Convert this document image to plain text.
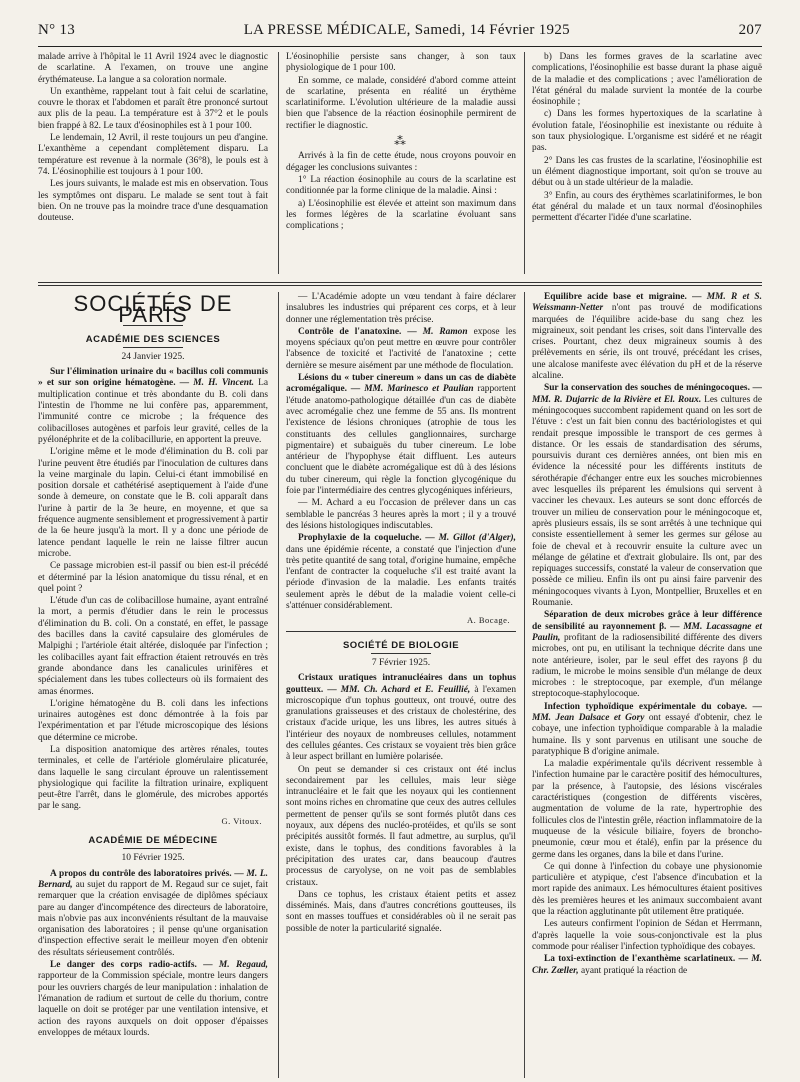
N° 13	LA PRESSE MÉDICALE, Samedi, 14 Février 1925	207

malade arrive à l'hôpital le 11 Avril 1924 avec le diagnostic de scarlatine. A l'examen, on trouve une angine érythémateuse. La langue a sa coloration normale.

Un exanthème, rappelant tout à fait celui de scarlatine, couvre le thorax et l'abdomen et paraît être prononcé surtout aux plis de la peau. La température est à 37°2 et le pouls bien frappé à 82. Le taux d'éosinophiles est à 1 pour 100.

Le lendemain, 12 Avril, il reste toujours un peu d'angine. L'exanthème a cependant complètement disparu. La température est revenue à la normale (36°8), le pouls est à 74. L'éosinophilie est toujours à 1 pour 100.

Les jours suivants, le malade est mis en observation. Tous les symptômes ont disparu. Le malade se sent tout à fait bien. On ne trouve pas la moindre trace d'une desquamation douteuse.

L'éosinophilie persiste sans changer, à son taux physiologique de 1 pour 100.

En somme, ce malade, considéré d'abord comme atteint de scarlatine, présenta en réalité un érythème scarlatiniforme. L'évolution ultérieure de la maladie aussi bien que l'absence de la réaction éosinophile permirent de rectifier le diagnostic.

⁂

Arrivés à la fin de cette étude, nous croyons pouvoir en dégager les conclusions suivantes :

1° La réaction éosinophile au cours de la scarlatine est conditionnée par la forme clinique de la maladie. Ainsi :

a) L'éosinophilie est élevée et atteint son maximum dans les formes légères de la scarlatine évoluant sans complications ;

b) Dans les formes graves de la scarlatine avec complications, l'éosinophilie est basse durant la phase aiguë de la maladie et des complications ; avec l'amélioration de l'état général du malade survient la montée de la courbe éosinophile ;

c) Dans les formes hypertoxiques de la scarlatine à évolution fatale, l'éosinophilie est inexistante ou réduite à son taux physiologique. L'organisme est sidéré et ne réagit pas.

2° Dans les cas frustes de la scarlatine, l'éosinophilie est un élément diagnostique important, soit qu'on se trouve au début ou à un stade ultérieur de la maladie.

3° Enfin, au cours des érythèmes scarlatiniformes, le bon état général du malade et un taux normal d'éosinophiles permettent d'écarter l'idée d'une scarlatine.

SOCIÉTÉS DE PARIS
ACADÉMIE DES SCIENCES
24 Janvier 1925.

Sur l'élimination urinaire du « bacillus coli communis » et sur son origine hématogène. — M. H. Vincent. La multiplication continue et très abondante du B. coli dans l'intestin de l'homme ne lui confère pas, apparemment, l'immunité contre ce microbe ; la fréquence des colibacilloses autogènes et parfois leur gravité, celles de la pyélonéphrite et de la colibacillurie, en apportent la preuve.

L'origine même et le mode d'élimination du B. coli par l'urine peuvent être étudiés par l'inoculation de cultures dans la veine marginale du lapin. Celui-ci étant immobilisé en position dorsale et cathétérisé aseptiquement à l'aide d'une sonde à demeure, on constate que le B. coli apparaît dans l'urine à partir de la 3e heure, en moyenne, et que sa fréquence augmente sensiblement et progressivement à partir de la 6e heure jusqu'à la mort. Il y a donc une période de latence pendant laquelle le rein ne laisse filtrer aucun microbe.

Ce passage microbien est-il passif ou bien est-il précédé et déterminé par la lésion anatomique du tissu rénal, et en quel point ?

L'étude d'un cas de colibacillose humaine, ayant entraîné la mort, a permis d'étudier dans le rein le processus d'élimination du B. coli. On a constaté, en effet, le passage des bacilles dans la cavité capsulaire des glomérules de Malpighi ; l'artériole était altérée, disloquée par l'infection ; les colibacilles ayant fait effraction étaient retrouvés en très grande abondance dans les canalicules urinifères et spécialement dans les tubes collecteurs où ils formaient des amas énormes.

L'origine hématogène du B. coli dans les infections urinaires autogènes est donc démontrée à la fois par l'expérimentation et par l'étude microscopique des lésions que détermine ce microbe.

La disposition anatomique des artères rénales, toutes terminales, et celle de l'artériole glomérulaire plicaturée, dans laquelle le sang circulant éprouve un ralentissement physiologique qui facilite la filtration urinaire, expliquent peut-être l'arrêt, dans le glomérule, des microbes apportés par le sang.

G. Vitoux.
ACADÉMIE DE MÉDECINE
10 Février 1925.

A propos du contrôle des laboratoires privés. — M. L. Bernard, au sujet du rapport de M. Regaud sur ce sujet, fait remarquer que la création envisagée de diplômes spéciaux pare au danger d'incompétence des directeurs de laboratoire, mais n'obvie pas aux inconvénients résultant de la mauvaise organisation des laboratoires ; il pense qu'une organisation d'inspection effective serait le meilleur moyen d'en obtenir des résultats sérieusement contrôlés.

Le danger des corps radio-actifs. — M. Regaud, rapporteur de la Commission spéciale, montre leurs dangers pour les ouvriers chargés de leur manipulation : inhalation de l'émanation de radium et surtout de celle du thorium, contre laquelle on doit se protéger par une ventilation intensive, et action des rayons auxquels on doit opposer d'épaisses enveloppes de métaux lourds.

— L'Académie adopte un vœu tendant à faire déclarer insalubres les industries qui préparent ces corps, et à leur donner une réglementation très précise.

Contrôle de l'anatoxine. — M. Ramon expose les moyens spéciaux qu'on peut mettre en œuvre pour contrôler l'absence de toxicité et l'activité de l'anatoxine ; cette dernière se mesure aisément par une méthode de floculation.

Lésions du « tuber cinereum » dans un cas de diabète acromégalique. — MM. Marinesco et Paulian rapportent l'étude anatomo-pathologique détaillée d'un cas de diabète avec acromégalie chez une femme de 55 ans. Ils montrent l'existence de lésions chroniques (atrophie de tous les constituants des cellules ganglionnaires, surcharge pigmentaire) et subaiguës du tuber cinereum. Le lobe antérieur de l'hypophyse était diffluent. Les auteurs concluent que le diabète acromégalique est dû à des lésions du tuber cinereum, qui règle la fonction glycogénique du foie par l'intermédiaire des centres glycogéniques inférieurs,

— M. Achard a eu l'occasion de prélever dans un cas semblable le pancréas 3 heures après la mort ; il y a trouvé des lésions histologiques indiscutables.

Prophylaxie de la coqueluche. — M. Gillot (d'Alger), dans une épidémie récente, a constaté que l'injection d'une très petite quantité de sang total, d'origine humaine, empêche l'enfant de contracter la coqueluche s'il est traité avant la période d'invasion de la maladie. Les enfants traités seulement après le début de la maladie voient celle-ci s'atténuer considérablement.

A. Bocage.
SOCIÉTÉ DE BIOLOGIE
7 Février 1925.

Cristaux uratiques intranucléaires dans un tophus goutteux. — MM. Ch. Achard et E. Feuillié, à l'examen microscopique d'un tophus goutteux, ont trouvé, outre des granulations graisseuses et des cristaux de cholestérine, des cristaux d'acide urique, les uns libres, les autres situés à l'intérieur des noyaux de nombreuses cellules, notamment des cellules géantes. Ces cristaux se voyaient très bien grâce à leur aspect brillant en lumière polarisée.

On peut se demander si ces cristaux ont été inclus secondairement par les cellules, mais leur siège intranucléaire et le fait que les noyaux qui les contiennent sont moins riches en chromatine que ceux des autres cellules permettent de penser qu'ils se sont formés plutôt dans ces noyaux, aux dépens des nucléo-protéides, et qu'ils se sont précipités aussitôt formés. Il faut admettre, au surplus, qu'il existe, dans le tophus, des conditions favorables à la précipitation des urates car, dans beaucoup d'autres processus de caryolyse, on ne voit pas de semblables cristaux.

Dans ce tophus, les cristaux étaient petits et assez disséminés. Mais, dans d'autres concrétions goutteuses, ils sont en masses touffues et considérables où il ne serait pas possible de noter la particularité signalée.

Équilibre acide base et migraine. — MM. R et S. Weissmann-Netter n'ont pas trouvé de modifications marquées de l'équilibre acide-base du sang chez les migraineux, soit pendant les crises, soit dans l'intervalle des crises. Pourtant, chez deux migraineux soumis à des prélèvements en série, ils ont trouvé, précédant les crises, une alcalose manifeste avec élévation du pH et de la réserve alcaline.

Sur la conservation des souches de méningocoques. — MM. R. Dujarric de la Rivière et El. Roux. Les cultures de méningocoques succombent rapidement quand on les sort de l'étuve : c'est un fait bien connu des bactériologistes et qui rendait presque impossible le transport de ces germes à distance. Or les essais de standardisation des sérums, poursuivis durant ces dernières années, ont bien mis en évidence la nécessité pour les différents instituts de sérothérapie d'échanger entre eux les souches microbiennes avec lesquelles ils préparent les émulsions qui servent à vacciner les chevaux. Les auteurs se sont donc efforcés de trouver un milieu de conservation pour le méningocoque et, après plusieurs essais, ils se sont arrêtés à une technique qui consiste essentiellement à semer les germes sur gélose au foie de cheval et à recouvrir ensuite la culture avec un mélange de gélatine et d'extrait globulaire. Ils ont, par des repiquages successifs, constaté la valeur de conservation que possède ce milieu. Enfin ils ont pu ainsi faire parvenir des méningocoques vivants à Lyon, Montpellier, Bruxelles et en Roumanie.

Séparation de deux microbes grâce à leur différence de sensibilité au rayonnement β. — MM. Lacassagne et Paulin, profitant de la radiosensibilité différente des divers microbes, ont pu, en utilisant la technique décrite dans une note antérieure, isoler, par le seul effet des rayons β du radium, le microbe le moins sensible d'un mélange de deux microbes : le streptocoque, par exemple, d'un mélange streptocoque-staphylocoque.

Infection typhoïdique expérimentale du cobaye. — MM. Jean Dalsace et Gory ont essayé d'obtenir, chez le cobaye, une infection typhoïdique comparable à la maladie humaine. Ils y sont parvenus en utilisant une souche de paratyphique B d'origine animale.

La maladie expérimentale qu'ils décrivent ressemble à l'infection humaine par le caractère positif des hémocultures, par la présence, à l'autopsie, des lésions viscérales caractéristiques (congestion de différents viscères, augmentation de volume de la rate, hypertrophie des follicules clos de l'intestin grêle, réaction inflammatoire de la muqueuse de la vésicule biliaire, foyers de broncho-pneumonie, cœur mou et étalé), enfin par la présence du germe dans les organes, dans la bile et dans l'urine.

Ce qui donne à l'infection du cobaye une physionomie particulière et atypique, c'est l'absence d'incubation et la mort rapide des animaux. Les hémocultures étaient positives dès les premières heures et les animaux succombaient avant que la réaction agglutinante pût utilement être pratiquée.

Les auteurs confirment l'opinion de Sédan et Herrmann, d'après laquelle la voie sous-conjonctivale est la plus commode pour réaliser l'infection typhoïdique des cobayes.

La toxi-extinction de l'exanthème scarlatineux. — M. Chr. Zœller, ayant pratiqué la réaction de
